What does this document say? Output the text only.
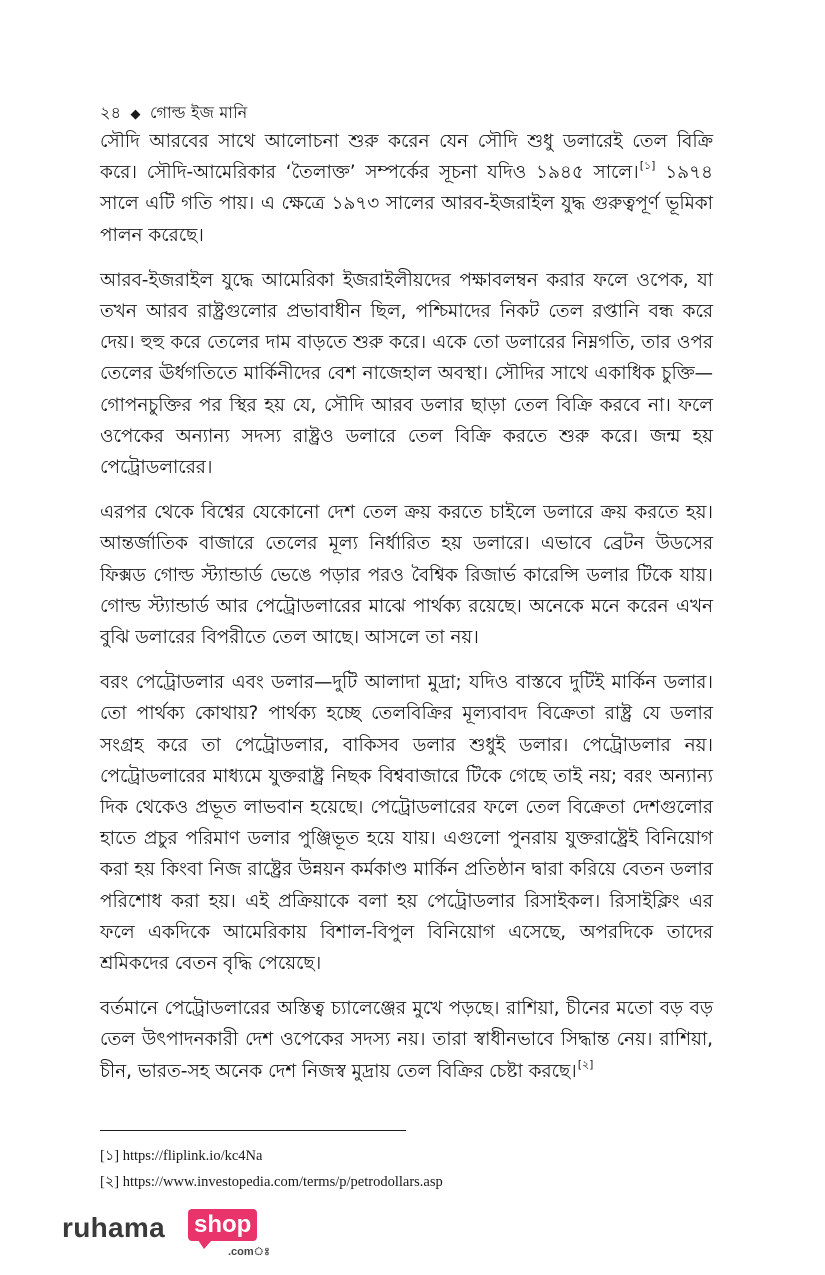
২৪ ◆ গোল্ড ইজ মানি

সৌদি আরবের সাথে আলোচনা শুরু করেন যেন সৌদি শুধু ডলারেই তেল বিক্রি করে। সৌদি-আমেরিকার ‘তৈলাক্ত’ সম্পর্কের সূচনা যদিও ১৯৪৫ সালে।[১] ১৯৭৪ সালে এটি গতি পায়। এ ক্ষেত্রে ১৯৭৩ সালের আরব-ইজরাইল যুদ্ধ গুরুত্বপূর্ণ ভূমিকা পালন করেছে।

আরব-ইজরাইল যুদ্ধে আমেরিকা ইজরাইলীয়দের পক্ষাবলম্বন করার ফলে ওপেক, যা তখন আরব রাষ্ট্রগুলোর প্রভাবাধীন ছিল, পশ্চিমাদের নিকট তেল রপ্তানি বন্ধ করে দেয়। হুহু করে তেলের দাম বাড়তে শুরু করে। একে তো ডলারের নিম্নগতি, তার ওপর তেলের ঊর্ধগতিতে মার্কিনীদের বেশ নাজেহাল অবস্থা। সৌদির সাথে একাধিক চুক্তি—গোপনচুক্তির পর স্থির হয় যে, সৌদি আরব ডলার ছাড়া তেল বিক্রি করবে না। ফলে ওপেকের অন্যান্য সদস্য রাষ্ট্রও ডলারে তেল বিক্রি করতে শুরু করে। জন্ম হয় পেট্রোডলারের।

এরপর থেকে বিশ্বের যেকোনো দেশ তেল ক্রয় করতে চাইলে ডলারে ক্রয় করতে হয়। আন্তর্জাতিক বাজারে তেলের মূল্য নির্ধারিত হয় ডলারে। এভাবে ব্রেটন উডসের ফিক্সড গোল্ড স্ট্যান্ডার্ড ভেঙে পড়ার পরও বৈশ্বিক রিজার্ভ কারেন্সি ডলার টিকে যায়। গোল্ড স্ট্যান্ডার্ড আর পেট্রোডলারের মাঝে পার্থক্য রয়েছে। অনেকে মনে করেন এখন বুঝি ডলারের বিপরীতে তেল আছে। আসলে তা নয়।

বরং পেট্রোডলার এবং ডলার—দুটি আলাদা মুদ্রা; যদিও বাস্তবে দুটিই মার্কিন ডলার। তো পার্থক্য কোথায়? পার্থক্য হচ্ছে তেলবিক্রির মূল্যবাবদ বিক্রেতা রাষ্ট্র যে ডলার সংগ্রহ করে তা পেট্রোডলার, বাকিসব ডলার শুধুই ডলার। পেট্রোডলার নয়। পেট্রোডলারের মাধ্যমে যুক্তরাষ্ট্র নিছক বিশ্ববাজারে টিকে গেছে তাই নয়; বরং অন্যান্য দিক থেকেও প্রভূত লাভবান হয়েছে। পেট্রোডলারের ফলে তেল বিক্রেতা দেশগুলোর হাতে প্রচুর পরিমাণ ডলার পুঞ্জিভূত হয়ে যায়। এগুলো পুনরায় যুক্তরাষ্ট্রেই বিনিয়োগ করা হয় কিংবা নিজ রাষ্ট্রের উন্নয়ন কর্মকাণ্ড মার্কিন প্রতিষ্ঠান দ্বারা করিয়ে বেতন ডলার পরিশোধ করা হয়। এই প্রক্রিয়াকে বলা হয় পেট্রোডলার রিসাইকল। রিসাইক্লিং এর ফলে একদিকে আমেরিকায় বিশাল-বিপুল বিনিয়োগ এসেছে, অপরদিকে তাদের শ্রমিকদের বেতন বৃদ্ধি পেয়েছে।

বর্তমানে পেট্রোডলারের অস্তিত্ব চ্যালেঞ্জের মুখে পড়ছে। রাশিয়া, চীনের মতো বড় বড় তেল উৎপাদনকারী দেশ ওপেকের সদস্য নয়। তারা স্বাধীনভাবে সিদ্ধান্ত নেয়। রাশিয়া, চীন, ভারত-সহ অনেক দেশ নিজস্ব মুদ্রায় তেল বিক্রির চেষ্টা করছে।[২]

[১] https://fliplink.io/kc4Na
[২] https://www.investopedia.com/terms/p/petrodollars.asp
ruhama shop
.comঃ
